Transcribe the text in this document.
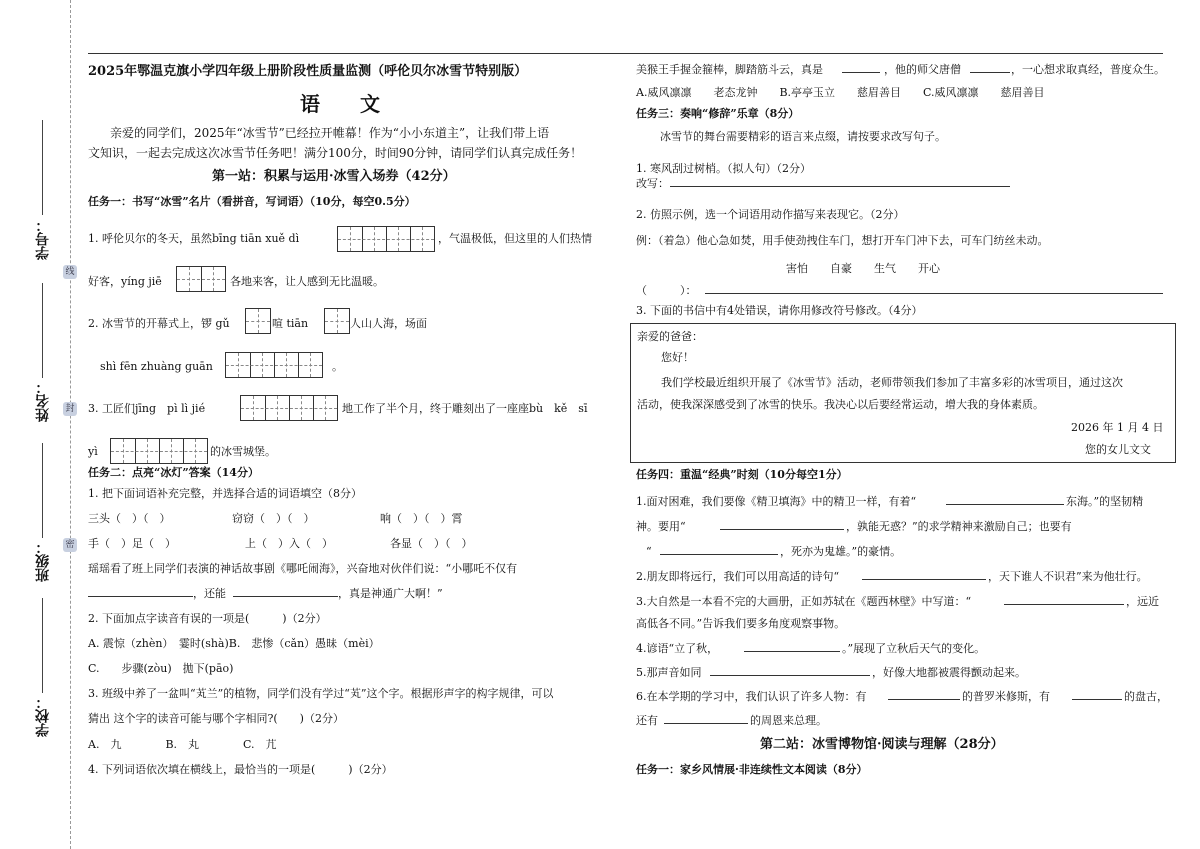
学号：
姓名：
班级：
学校：
线
封
密
2025年鄂温克旗小学四年级上册阶段性质量监测（呼伦贝尔冰雪节特别版）
语　　文
亲爱的同学们，2025年“冰雪节”已经拉开帷幕！作为“小小东道主”，让我们带上语
文知识，一起去完成这次冰雪节任务吧！满分100分，时间90分钟，请同学们认真完成任务！
第一站：积累与运用·冰雪入场券（42分）
任务一：书写“冰雪”名片（看拼音，写词语）（10分，每空0.5分）
1. 呼伦贝尔的冬天，虽然bīng tiān xuě dì	，气温极低，但这里的人们热情
好客，yíng jiē	各地来客，让人感到无比温暖。
2. 冰雪节的开幕式上，锣 gǔ	喧 tiān	人山人海，场面
shì fēn zhuàng guān	。
3. 工匠们jīng　pì lì jié	地工作了半个月，终于雕刻出了一座座bù　kě　sī
yì	的冰雪城堡。
任务二：点亮“冰灯”答案（14分）
1. 把下面词语补充完整，并选择合适的词语填空（8分）
三头（　）（　）	窃窃（　）（　）	响（　）（　）霄
手（　）足（　）	上（　）入（　）	各显（　）（　）
瑶瑶看了班上同学们表演的神话故事剧《哪吒闹海》，兴奋地对伙伴们说：“小哪吒不仅有
，还能	，真是神通广大啊！”
2. 下面加点字读音有误的一项是(　　　)（2分）
A. 震惊（zhèn）　霎时(shà)B.　悲惨（cǎn）愚昧（mèi）
C.　　步骤(zòu)　拋下(pāo)
3. 班级中养了一盆叫“芄兰”的植物，同学们没有学过“芄”这个字。根据形声字的构字规律，可以
猜出 这个字的读音可能与哪个字相同?(　　)（2分）
A.　九　　　　B.　丸　　　　C.　芁
4. 下列词语依次填在横线上，最恰当的一项是(　　　)（2分）
美猴王手握金箍棒，脚踏筋斗云，真是	，他的师父唐僧	，一心想求取真经，普度众生。
A.威风凛凛　　老态龙钟　　B.亭亭玉立　　慈眉善目　　C.威风凛凛　　慈眉善目
任务三：奏响“修辞”乐章（8分）
冰雪节的舞台需要精彩的语言来点缀，请按要求改写句子。
1. 寒风刮过树梢。（拟人句）（2分）
改写：
2. 仿照示例，选一个词语用动作描写来表现它。（2分）
例：（着急）他心急如焚，用手使劲拽住车门，想打开车门冲下去，可车门纺丝未动。
害怕　　自豪　　生气　　开心
（　　　）：
3. 下面的书信中有4处错误，请你用修改符号修改。（4分）
亲爱的爸爸：
您好！
我们学校最近组织开展了《冰雪节》活动，老师带领我们参加了丰富多彩的冰雪项目，通过这次
活动，使我深深感受到了冰雪的快乐。我决心以后要经常运动，增大我的身体素质。
2026 年 1 月 4 日
您的女儿文文
任务四：重温“经典”时刻（10分每空1分）
1.面对困难，我们要像《精卫填海》中的精卫一样，有着“	东海。”的坚韧精
神。要用“	，孰能无惑？”的求学精神来激励自己；也要有
“	，死亦为鬼雄。”的豪情。
2.朋友即将远行，我们可以用高适的诗句“	，天下谁人不识君”来为他壮行。
3.大自然是一本看不完的大画册，正如苏轼在《题西林壁》中写道：“	，远近
高低各不同。”告诉我们要多角度观察事物。
4.谚语“立了秋，	。”展现了立秋后天气的变化。
5.那声音如同	，好像大地都被震得颤动起来。
6.在本学期的学习中，我们认识了许多人物：有	的普罗米修斯，有	的盘古，
还有	的周恩来总理。
第二站：冰雪博物馆·阅读与理解（28分）
任务一：家乡风情展·非连续性文本阅读（8分）
